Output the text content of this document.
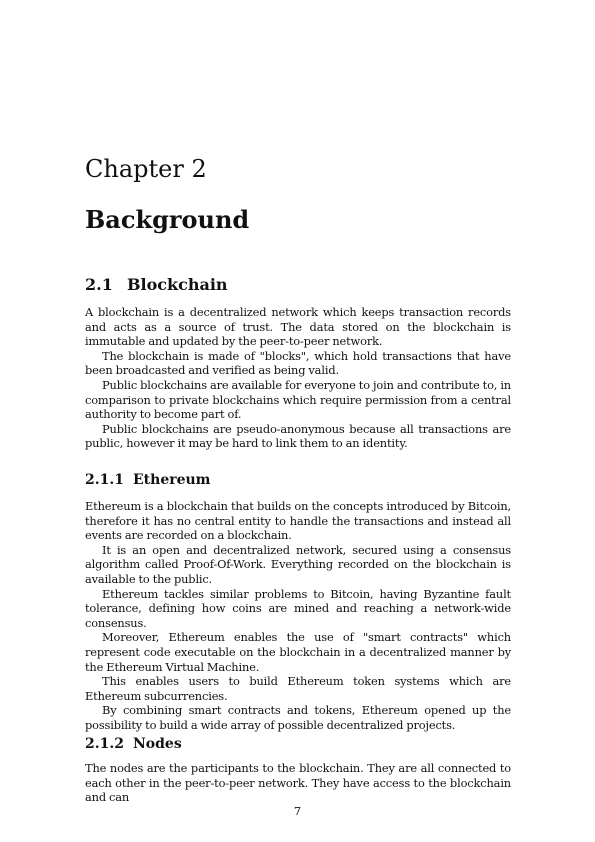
Chapter 2
Background
2.1 Blockchain

A blockchain is a decentralized network which keeps transaction records and acts as a source of trust. The data stored on the blockchain is immutable and updated by the peer-to-peer network.

The blockchain is made of "blocks", which hold transactions that have been broadcasted and verified as being valid.

Public blockchains are available for everyone to join and contribute to, in comparison to private blockchains which require permission from a central authority to become part of.

Public blockchains are pseudo-anonymous because all transactions are public, however it may be hard to link them to an identity.

2.1.1 Ethereum

Ethereum is a blockchain that builds on the concepts introduced by Bitcoin, therefore it has no central entity to handle the transactions and instead all events are recorded on a blockchain.

It is an open and decentralized network, secured using a consensus algorithm called Proof-Of-Work. Everything recorded on the blockchain is available to the public.

Ethereum tackles similar problems to Bitcoin, having Byzantine fault tolerance, defining how coins are mined and reaching a network-wide consensus.

Moreover, Ethereum enables the use of "smart contracts" which represent code executable on the blockchain in a decentralized manner by the Ethereum Virtual Machine.

This enables users to build Ethereum token systems which are Ethereum subcurrencies.

By combining smart contracts and tokens, Ethereum opened up the possibility to build a wide array of possible decentralized projects.

2.1.2 Nodes

The nodes are the participants to the blockchain. They are all connected to each other in the peer-to-peer network. They have access to the blockchain and can

7
